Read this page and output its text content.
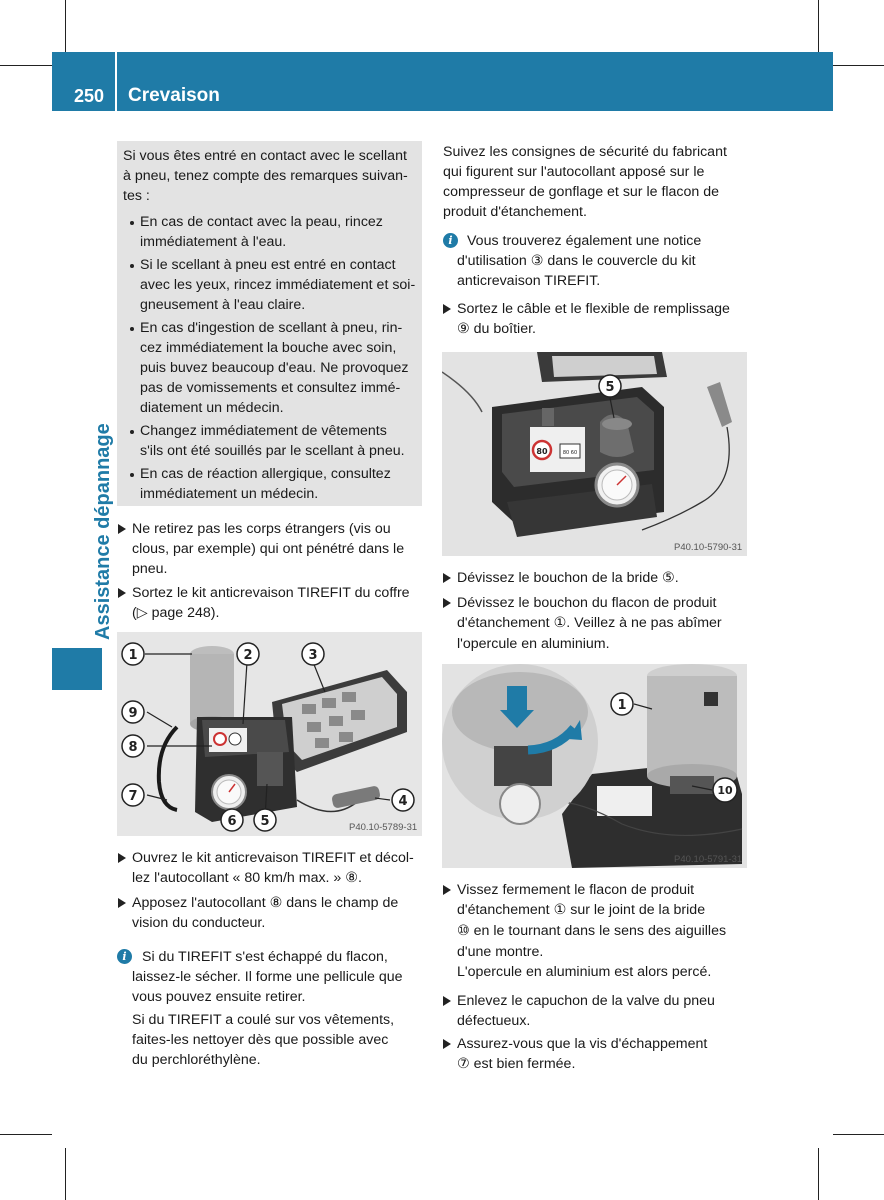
250 Crevaison
Assistance dépannage
Si vous êtes entré en contact avec le scellant
à pneu, tenez compte des remarques suivan-
tes :
En cas de contact avec la peau, rincez
immédiatement à l'eau.
Si le scellant à pneu est entré en contact
avec les yeux, rincez immédiatement et soi-
gneusement à l'eau claire.
En cas d'ingestion de scellant à pneu, rin-
cez immédiatement la bouche avec soin,
puis buvez beaucoup d'eau. Ne provoquez
pas de vomissements et consultez immé-
diatement un médecin.
Changez immédiatement de vêtements
s'ils ont été souillés par le scellant à pneu.
En cas de réaction allergique, consultez
immédiatement un médecin.
Ne retirez pas les corps étrangers (vis ou
clous, par exemple) qui ont pénétré dans le
pneu.
Sortez le kit anticrevaison TIREFIT du coffre
(▷ page 248).
1	2	3
9
8
7
6 5
4
P40.10-5789-31
Ouvrez le kit anticrevaison TIREFIT et décol-
lez l'autocollant « 80 km/h max. » ⑧.
Apposez l'autocollant ⑧ dans le champ de
vision du conducteur.
i	Si du TIREFIT s'est échappé du flacon,
laissez-le sécher. Il forme une pellicule que
vous pouvez ensuite retirer.
Si du TIREFIT a coulé sur vos vêtements,
faites-les nettoyer dès que possible avec
du perchloréthylène.
Suivez les consignes de sécurité du fabricant
qui figurent sur l'autocollant apposé sur le
compresseur de gonflage et sur le flacon de
produit d'étanchement.
i	Vous trouverez également une notice
d'utilisation ③ dans le couvercle du kit
anticrevaison TIREFIT.
Sortez le câble et le flexible de remplissage
⑨ du boîtier.
80	80 60
5
P40.10-5790-31
Dévissez le bouchon de la bride ⑤.
Dévissez le bouchon du flacon de produit
d'étanchement ①. Veillez à ne pas abîmer
l'opercule en aluminium.
1
10
P40.10-5791-31
Vissez fermement le flacon de produit
d'étanchement ① sur le joint de la bride
⑩ en le tournant dans le sens des aiguilles
d'une montre.
L'opercule en aluminium est alors percé.
Enlevez le capuchon de la valve du pneu
défectueux.
Assurez-vous que la vis d'échappement
⑦ est bien fermée.
